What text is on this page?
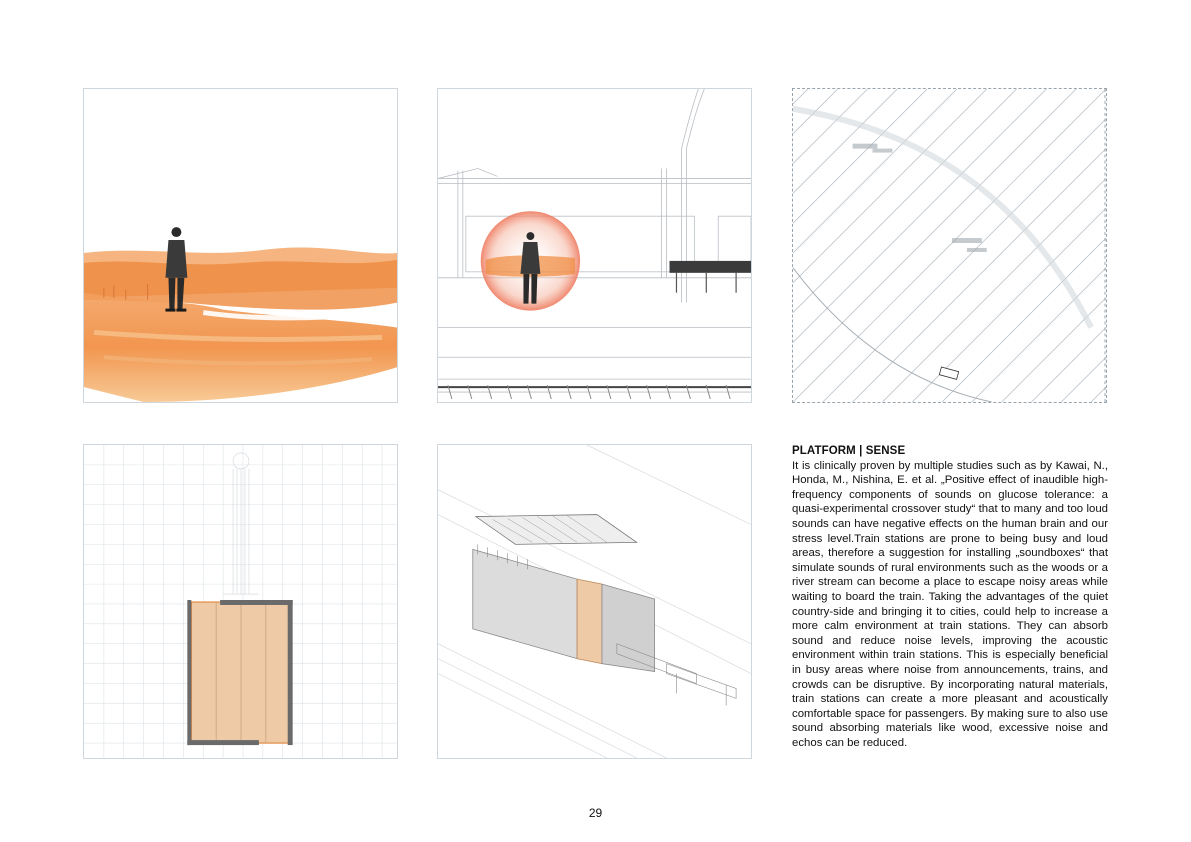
PLATFORM | SENSE

It is clinically proven by multiple studies such as by Kawai, N., Honda, M., Nishina, E. et al. „Positive effect of inaudible high-frequency components of sounds on glucose tolerance: a quasi-experimental crossover study“ that to many and too loud sounds can have negative effects on the human brain and our stress level.Train stations are prone to being busy and loud areas, therefore a suggestion for installing „soundboxes“ that simulate sounds of rural environments such as the woods or a river stream can become a place to escape noisy areas while waiting to board the train. Taking the advantages of the quiet country-side and bringing it to cities, could help to increase a more calm environment at train stations. They can absorb sound and reduce noise levels, improving the acoustic environment within train stations. This is especially beneficial in busy areas where noise from announcements, trains, and crowds can be disruptive. By incorporating natural materials, train stations can create a more pleasant and acoustically comfortable space for passengers. By making sure to also use sound absorbing materials like wood, excessive noise and echos can be reduced.

29
